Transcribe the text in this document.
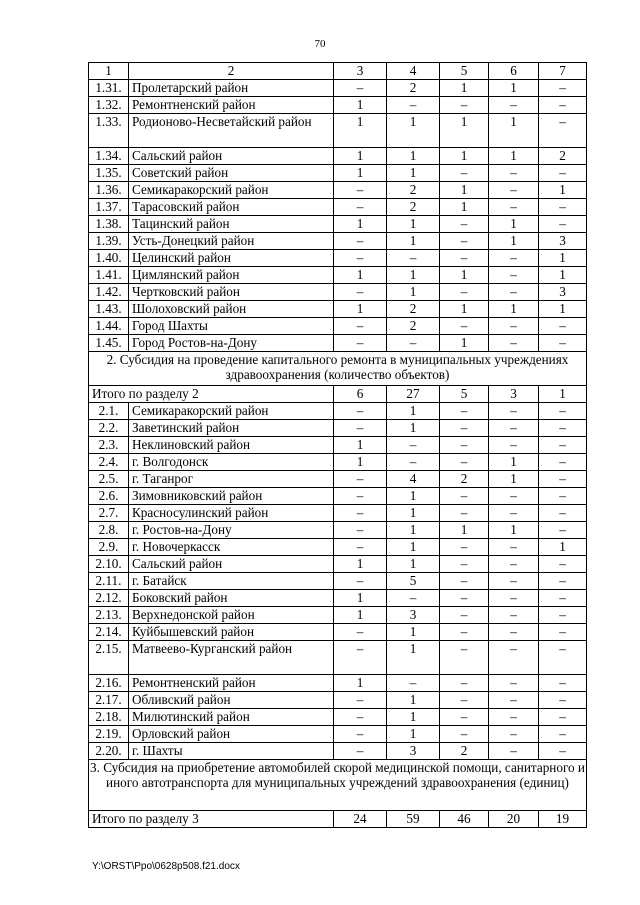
70
1	2	3	4	5	6	7
1.31.	Пролетарский район	–	2	1	1	–
1.32.	Ремонтненский район	1	–	–	–	–
1.33.	Родионово-Несветайский район	1	1	1	1	–
1.34.	Сальский район	1	1	1	1	2
1.35.	Советский район	1	1	–	–	–
1.36.	Семикаракорский район	–	2	1	–	1
1.37.	Тарасовский район	–	2	1	–	–
1.38.	Тацинский район	1	1	–	1	–
1.39.	Усть-Донецкий район	–	1	–	1	3
1.40.	Целинский район	–	–	–	–	1
1.41.	Цимлянский район	1	1	1	–	1
1.42.	Чертковский район	–	1	–	–	3
1.43.	Шолоховский район	1	2	1	1	1
1.44.	Город Шахты	–	2	–	–	–
1.45.	Город Ростов-на-Дону	–	–	1	–	–
2. Субсидия на проведение капитального ремонта в муниципальных учреждениях здравоохранения (количество объектов)						
Итого по разделу 2		6	27	5	3	1
2.1.	Семикаракорский район	–	1	–	–	–
2.2.	Заветинский район	–	1	–	–	–
2.3.	Неклиновский район	1	–	–	–	–
2.4.	г. Волгодонск	1	–	–	1	–
2.5.	г. Таганрог	–	4	2	1	–
2.6.	Зимовниковский район	–	1	–	–	–
2.7.	Красносулинский район	–	1	–	–	–
2.8.	г. Ростов-на-Дону	–	1	1	1	–
2.9.	г. Новочеркасск	–	1	–	–	1
2.10.	Сальский район	1	1	–	–	–
2.11.	г. Батайск	–	5	–	–	–
2.12.	Боковский район	1	–	–	–	–
2.13.	Верхнедонской район	1	3	–	–	–
2.14.	Куйбышевский район	–	1	–	–	–
2.15.	Матвеево-Курганский район	–	1	–	–	–
2.16.	Ремонтненский район	1	–	–	–	–
2.17.	Обливский район	–	1	–	–	–
2.18.	Милютинский район	–	1	–	–	–
2.19.	Орловский район	–	1	–	–	–
2.20.	г. Шахты	–	3	2	–	–
3. Субсидия на приобретение автомобилей скорой медицинской помощи, санитарного и иного автотранспорта для муниципальных учреждений здравоохранения (единиц)						
Итого по разделу 3		24	59	46	20	19
Y:\ORST\Ppo\0628p508.f21.docx
